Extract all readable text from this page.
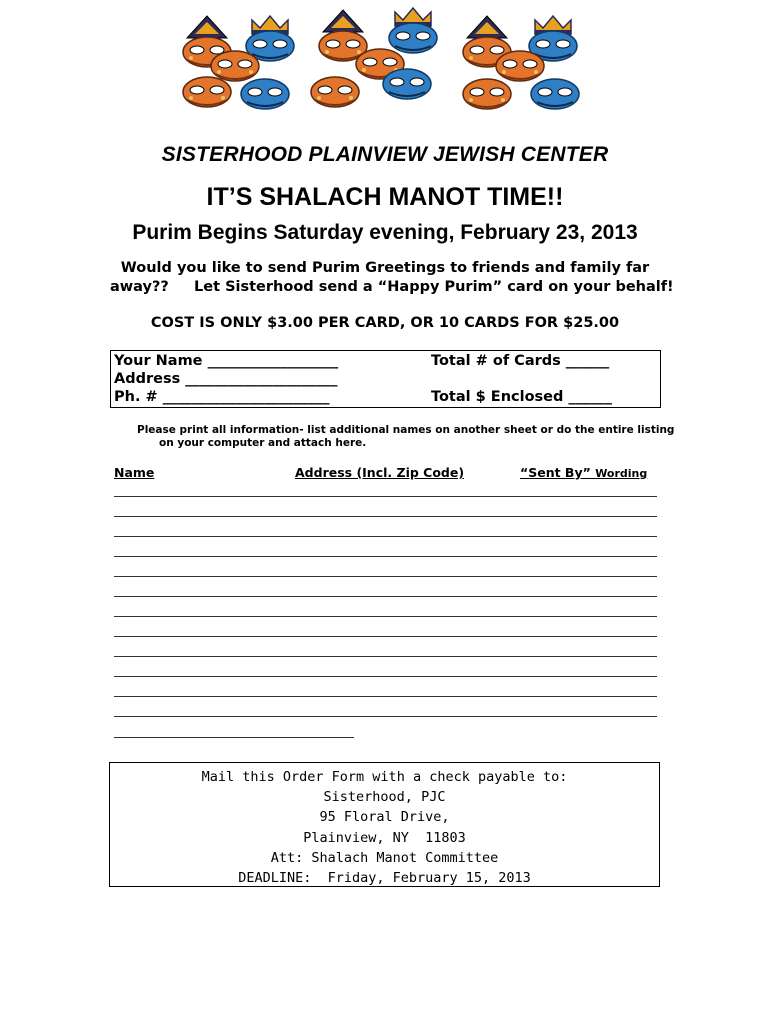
SISTERHOOD PLAINVIEW JEWISH CENTER
IT’S SHALACH MANOT TIME!!
Purim Begins Saturday evening, February 23, 2013
Would you like to send Purim Greetings to friends and family far
away??     Let Sisterhood send a “Happy Purim” card on your behalf!
COST IS ONLY $3.00 PER CARD, OR 10 CARDS FOR $25.00
Your Name __________________
Address _____________________
Ph. # _______________________
Total # of Cards ______
Total $ Enclosed ______
Please print all information- list additional names on another sheet or do the entire listing
on your computer and attach here.
Name	Address (Incl. Zip Code)	“Sent By” Wording
Mail this Order Form with a check payable to:
Sisterhood, PJC
95 Floral Drive,
Plainview, NY  11803
Att: Shalach Manot Committee
DEADLINE:  Friday, February 15, 2013
